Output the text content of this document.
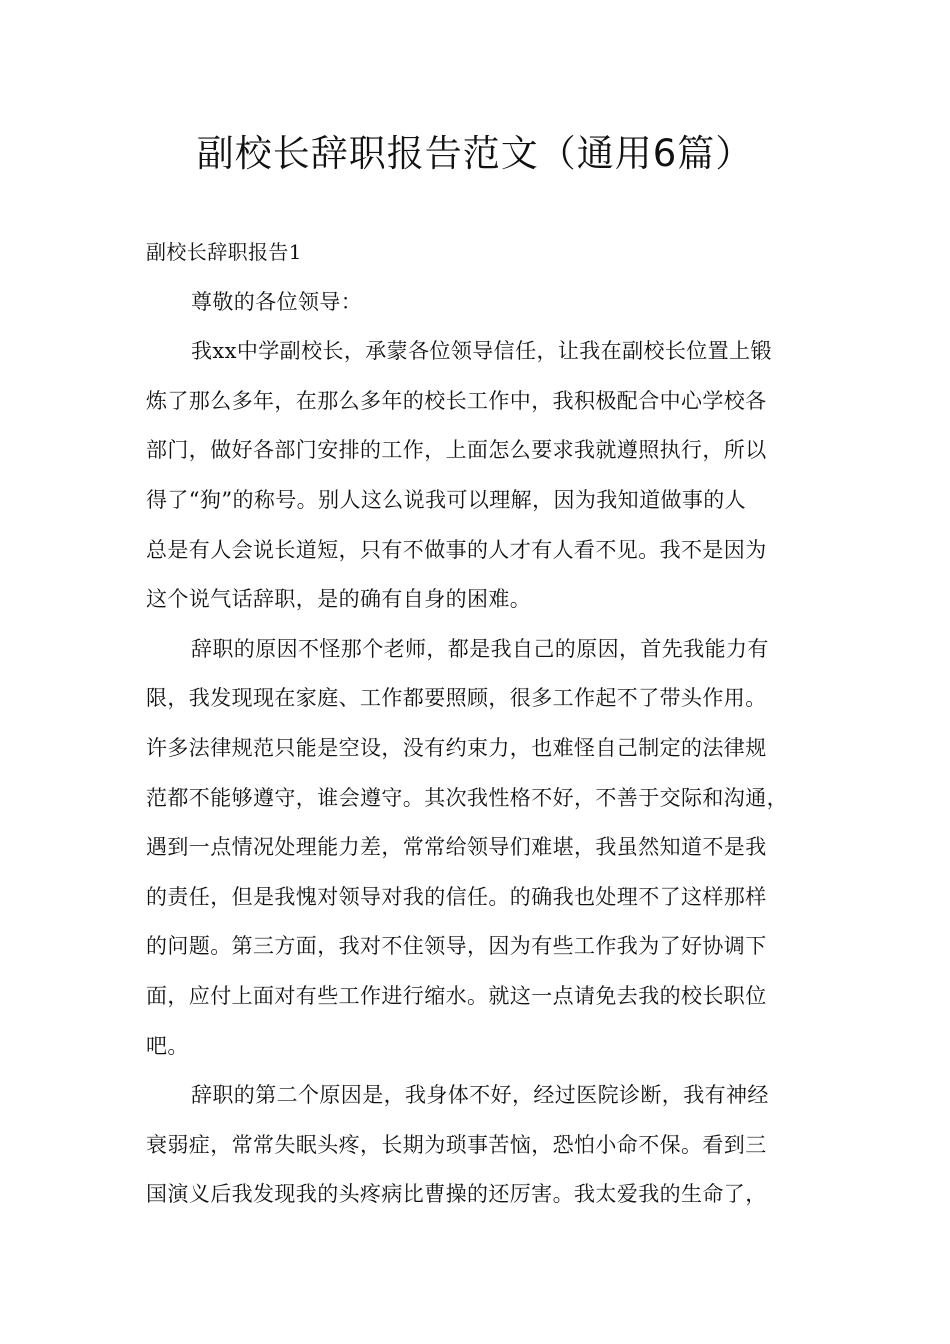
副校长辞职报告范文（通用6篇）
副校长辞职报告1
尊敬的各位领导：
我xx中学副校长，承蒙各位领导信任，让我在副校长位置上锻
炼了那么多年，在那么多年的校长工作中，我积极配合中心学校各
部门，做好各部门安排的工作，上面怎么要求我就遵照执行，所以
得了“狗”的称号。别人这么说我可以理解，因为我知道做事的人
总是有人会说长道短，只有不做事的人才有人看不见。我不是因为
这个说气话辞职，是的确有自身的困难。
辞职的原因不怪那个老师，都是我自己的原因，首先我能力有
限，我发现现在家庭、工作都要照顾，很多工作起不了带头作用。
许多法律规范只能是空设，没有约束力，也难怪自己制定的法律规
范都不能够遵守，谁会遵守。其次我性格不好，不善于交际和沟通，
遇到一点情况处理能力差，常常给领导们难堪，我虽然知道不是我
的责任，但是我愧对领导对我的信任。的确我也处理不了这样那样
的问题。第三方面，我对不住领导，因为有些工作我为了好协调下
面，应付上面对有些工作进行缩水。就这一点请免去我的校长职位
吧。
辞职的第二个原因是，我身体不好，经过医院诊断，我有神经
衰弱症，常常失眠头疼，长期为琐事苦恼，恐怕小命不保。看到三
国演义后我发现我的头疼病比曹操的还厉害。我太爱我的生命了，
